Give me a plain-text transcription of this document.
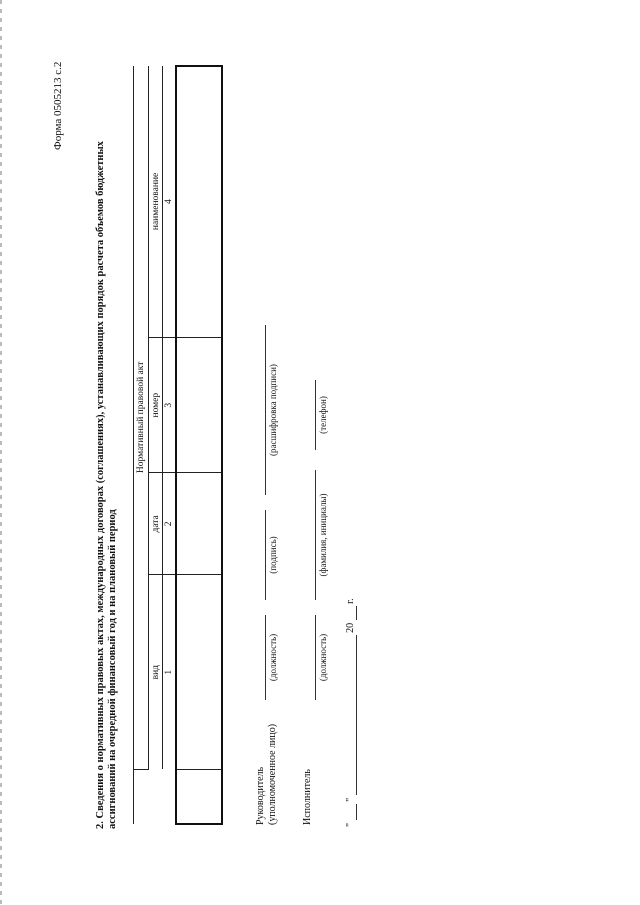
Форма 0505213 с.2
2. Сведения о нормативных правовых актах, международных договорах (соглашениях), устанавливающих порядок расчета объемов бюджетных ассигнований на очередной финансовый год и на плановый период
	Нормативный правовой акт			
	вид	дата	номер	наименование
	1	2	3	4

Руководитель (уполномоченное лицо)
(должность)
(подпись)
(расшифровка подписи)
Исполнитель
(должность)
(фамилия, инициалы)
(телефон)
"   "   20   г.
